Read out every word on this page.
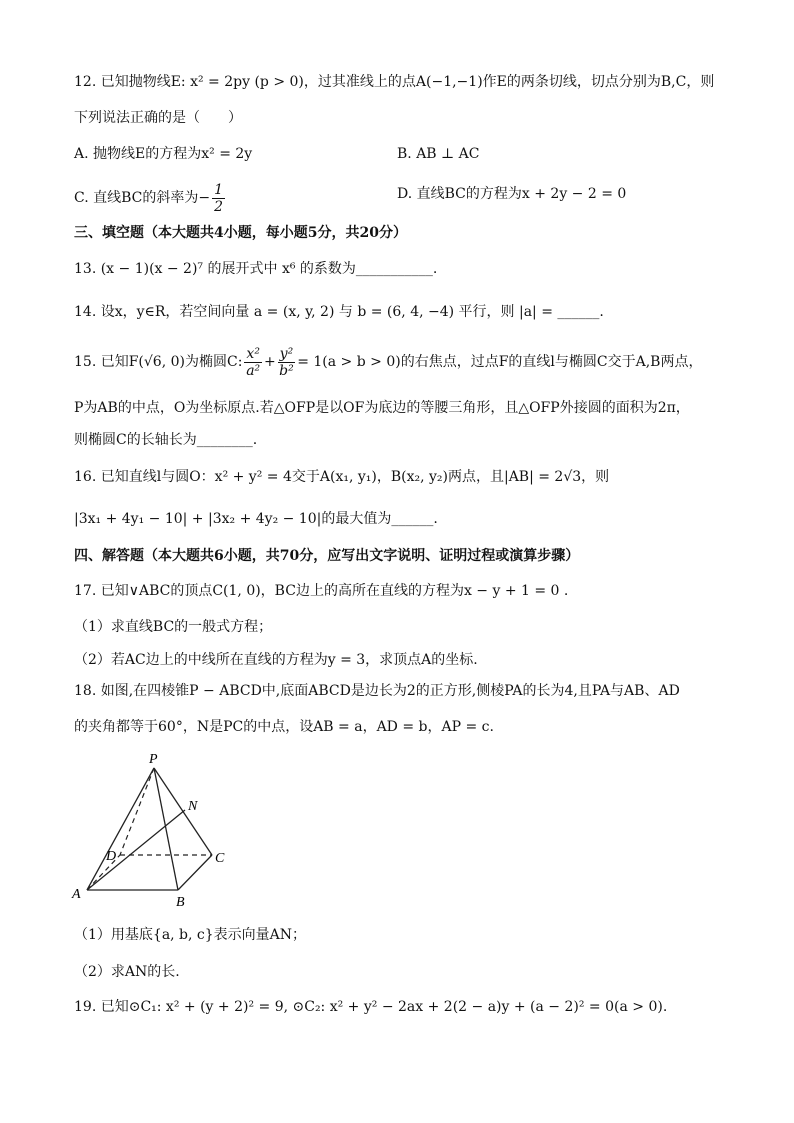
12. 已知抛物线E: x² = 2py (p > 0)，过其准线上的点A(−1,−1)作E的两条切线，切点分别为B,C，则
下列说法正确的是（　　）
A. 抛物线E的方程为x² = 2y	B. AB ⊥ AC
C. 直线BC的斜率为− $\frac{1}{2}$	D. 直线BC的方程为x + 2y − 2 = 0
三、填空题（本大题共4小题，每小题5分，共20分）
13. (x − 1)(x − 2)⁷ 的展开式中 x⁶ 的系数为___________.
14. 设x，y∈R，若空间向量 a = (x, y, 2) 与 b = (6, 4, −4) 平行，则 |a| = ______.
15. 已知F(√6, 0)为椭圆C: $\frac{\text{x²}}{\text{a²}} + \frac{\text{y²}}{\text{b²}} = 1(a > b > 0)$的右焦点，过点F的直线l与椭圆C交于A,B两点，
P为AB的中点，O为坐标原点.若△OFP是以OF为底边的等腰三角形，且△OFP外接圆的面积为2π，
则椭圆C的长轴长为________.
16. 已知直线l与圆O：x² + y² = 4交于A(x₁, y₁)，B(x₂, y₂)两点，且|AB| = 2√3，则
|3x₁ + 4y₁ − 10| + |3x₂ + 4y₂ − 10|的最大值为______.
四、解答题（本大题共6小题，共70分，应写出文字说明、证明过程或演算步骤）
17. 已知∨ABC的顶点C(1, 0)，BC边上的高所在直线的方程为x − y + 1 = 0 .
（1）求直线BC的一般式方程；
（2）若AC边上的中线所在直线的方程为y = 3，求顶点A的坐标.
18. 如图,在四棱锥P − ABCD中,底面ABCD是边长为2的正方形,侧棱PA的长为4,且PA与AB、AD
的夹角都等于60°，N是PC的中点，设AB = a，AD = b，AP = c.
P
N
D	C
A
B
（1）用基底{a, b, c}表示向量AN；
（2）求AN的长.
19. 已知⊙C₁: x² + (y + 2)² = 9, ⊙C₂: x² + y² − 2ax + 2(2 − a)y + (a − 2)² = 0(a > 0).
